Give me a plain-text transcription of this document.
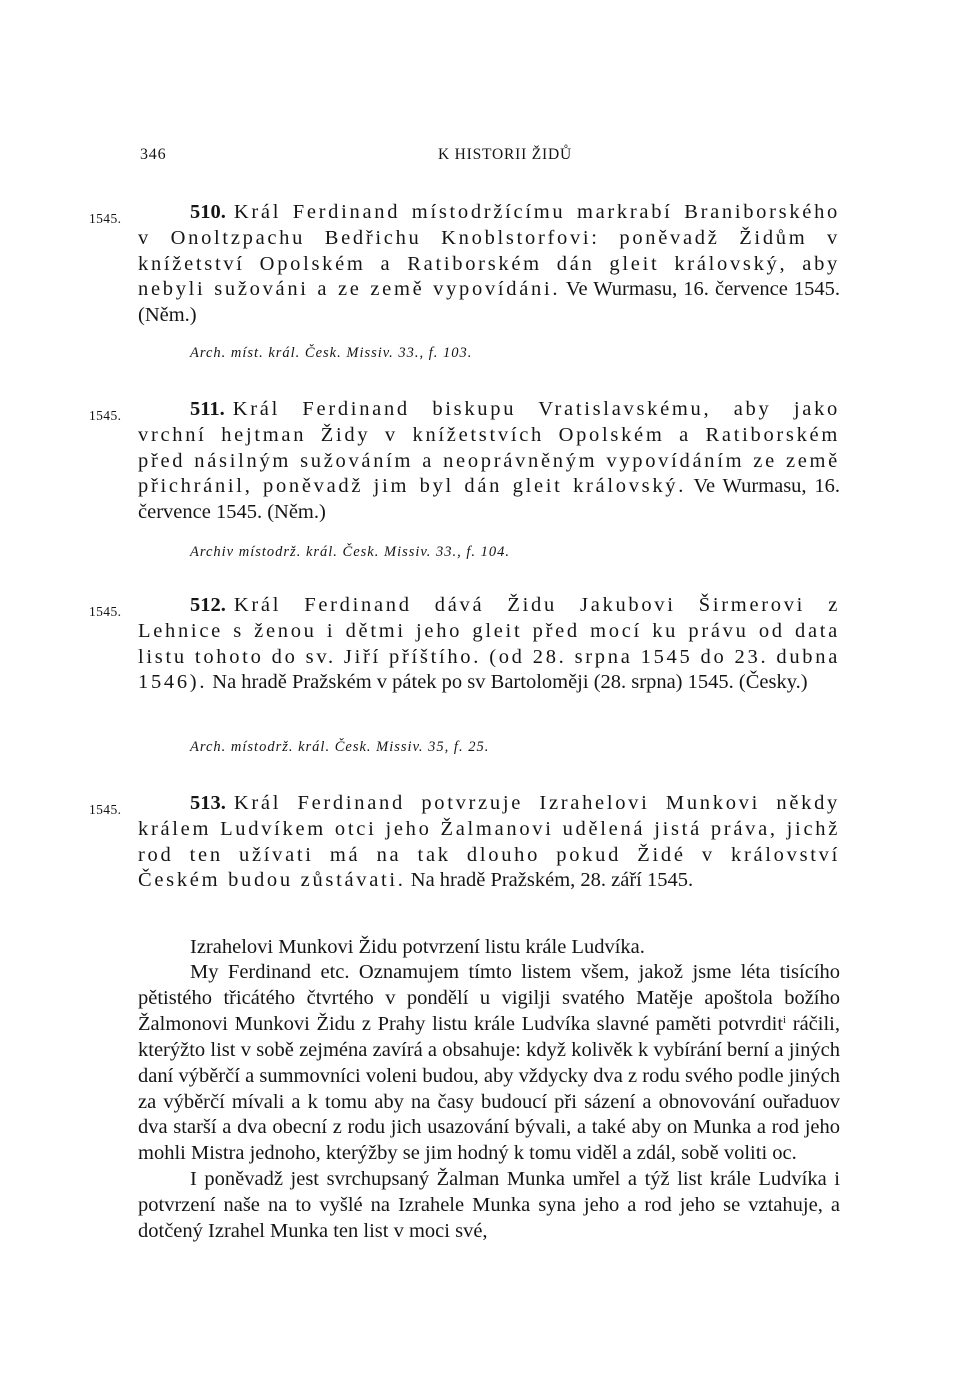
346	K HISTORII ŽIDŮ
1545.	510. Král Ferdinand místodržícímu markrabí Braniborského v Onoltzpachu Bedřichu Knoblstorfovi: poněvadž Židům v knížetství Opolském a Ratiborském dán gleit královský, aby nebyli sužováni a ze země vypovídáni. Ve Wurmasu, 16. července 1545. (Něm.)

Arch. míst. král. Česk. Missiv. 33., f. 103.
1545.	511. Král Ferdinand biskupu Vratislavskému, aby jako vrchní hejtman Židy v knížetstvích Opolském a Ratiborském před násilným sužováním a neoprávněným vypovídáním ze země přichránil, poněvadž jim byl dán gleit královský. Ve Wurmasu, 16. července 1545. (Něm.)

Archiv místodrž. král. Česk. Missiv. 33., f. 104.
1545.	512. Král Ferdinand dává Židu Jakubovi Širmerovi z Lehnice s ženou i dětmi jeho gleit před mocí ku právu od data listu tohoto do sv. Jiří příštího. (od 28. srpna 1545 do 23. dubna 1546). Na hradě Pražském v pátek po sv Bartoloměji (28. srpna) 1545. (Česky.)

Arch. místodrž. král. Česk. Missiv. 35, f. 25.
1545.	513. Král Ferdinand potvrzuje Izrahelovi Munkovi někdy králem Ludvíkem otci jeho Žalmanovi udělená jistá práva, jichž rod ten užívati má na tak dlouho pokud Židé v království Českém budou zůstávati. Na hradě Pražském, 28. září 1545.

Izrahelovi Munkovi Židu potvrzení listu krále Ludvíka.

My Ferdinand etc. Oznamujem tímto listem všem, jakož jsme léta tisícího pětistého třicátého čtvrtého v pondělí u vigilji svatého Matěje apoštola božího Žalmonovi Munkovi Židu z Prahy listu krále Ludvíka slavné paměti potvrdit$^i$ ráčili, kterýžto list v sobě zejména zavírá a obsahuje: když kolivěk k vybírání berní a jiných daní výběrčí a summovníci voleni budou, aby vždycky dva z rodu svého podle jiných za výběrčí mívali a k tomu aby na časy budoucí při sázení a obnovování ouřaduov dva starší a dva obecní z rodu jich usazování bývali, a také aby on Munka a rod jeho mohli Mistra jednoho, kterýžby se jim hodný k tomu viděl a zdál, sobě voliti oc.

I poněvadž jest svrchupsaný Žalman Munka umřel a týž list krále Ludvíka i potvrzení naše na to vyšlé na Izrahele Munka syna jeho a rod jeho se vztahuje, a dotčený Izrahel Munka ten list v moci své,
